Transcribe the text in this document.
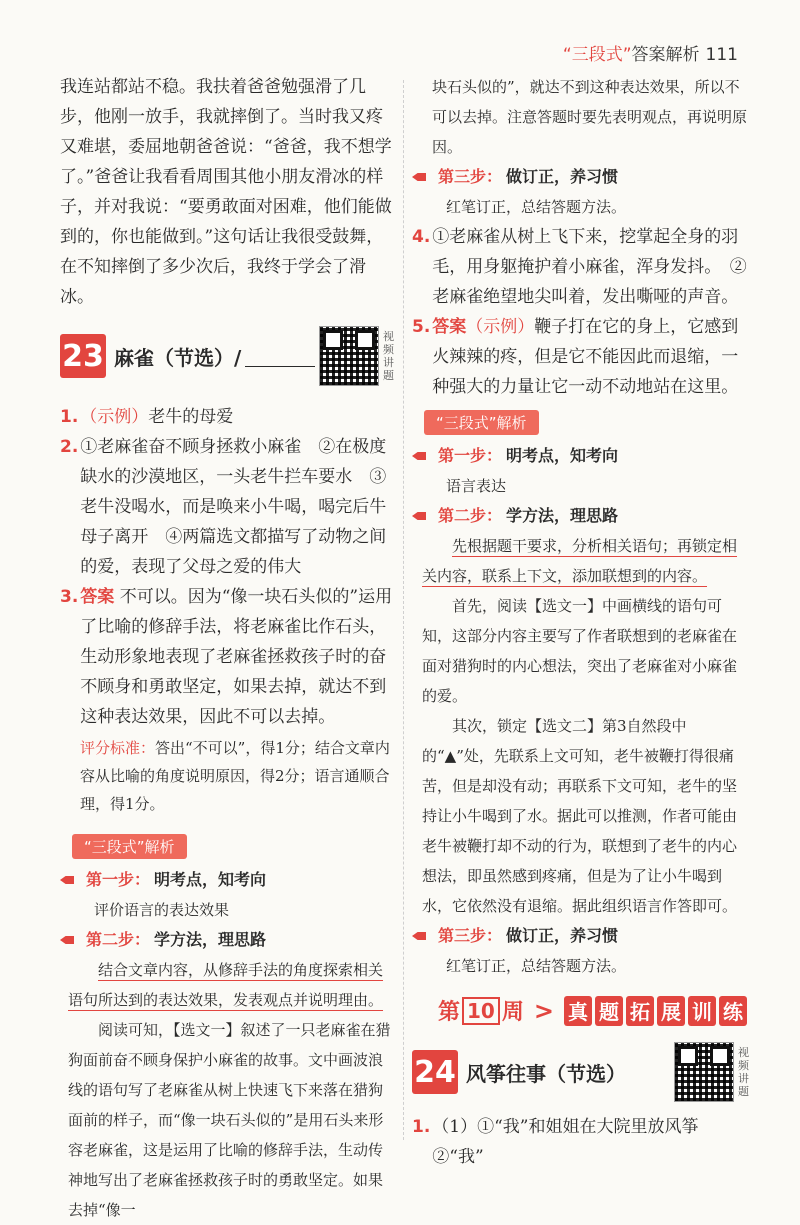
“三段式”答案解析 111

我连站都站不稳。我扶着爸爸勉强滑了几步，他刚一放手，我就摔倒了。当时我又疼又难堪，委屈地朝爸爸说：“爸爸，我不想学了。”爸爸让我看看周围其他小朋友滑冰的样子，并对我说：“要勇敢面对困难，他们能做到的，你也能做到。”这句话让我很受鼓舞，在不知摔倒了多少次后，我终于学会了滑冰。

23 麻雀（节选）/
视频讲题
1. （示例）老牛的母爱
2. ①老麻雀奋不顾身拯救小麻雀　②在极度缺水的沙漠地区，一头老牛拦车要水　③老牛没喝水，而是唤来小牛喝，喝完后牛母子离开　④两篇选文都描写了动物之间的爱，表现了父母之爱的伟大
3. 答案 不可以。因为“像一块石头似的”运用了比喻的修辞手法，将老麻雀比作石头，生动形象地表现了老麻雀拯救孩子时的奋不顾身和勇敢坚定，如果去掉，就达不到这种表达效果，因此不可以去掉。
评分标准：答出“不可以”，得1分；结合文章内容从比喻的角度说明原因，得2分；语言通顺合理，得1分。
“三段式”解析
第一步： 明考点，知考向

评价语言的表达效果

第二步： 学方法，理思路

结合文章内容，从修辞手法的角度探索相关语句所达到的表达效果，发表观点并说明理由。

阅读可知，【选文一】叙述了一只老麻雀在猎狗面前奋不顾身保护小麻雀的故事。文中画波浪线的语句写了老麻雀从树上快速飞下来落在猎狗面前的样子，而“像一块石头似的”是用石头来形容老麻雀，这是运用了比喻的修辞手法，生动传神地写出了老麻雀拯救孩子时的勇敢坚定。如果去掉“像一

块石头似的”，就达不到这种表达效果，所以不可以去掉。注意答题时要先表明观点，再说明原因。

第三步： 做订正，养习惯

红笔订正，总结答题方法。

4. ①老麻雀从树上飞下来，挖掌起全身的羽毛，用身躯掩护着小麻雀，浑身发抖。　②老麻雀绝望地尖叫着，发出嘶哑的声音。
5. 答案（示例）鞭子打在它的身上，它感到火辣辣的疼，但是它不能因此而退缩，一种强大的力量让它一动不动地站在这里。
“三段式”解析
第一步： 明考点，知考向

语言表达

第二步： 学方法，理思路

先根据题干要求，分析相关语句；再锁定相关内容，联系上下文，添加联想到的内容。

首先，阅读【选文一】中画横线的语句可知，这部分内容主要写了作者联想到的老麻雀在面对猎狗时的内心想法，突出了老麻雀对小麻雀的爱。

其次，锁定【选文二】第3自然段中的“▲”处，先联系上文可知，老牛被鞭打得很痛苦，但是却没有动；再联系下文可知，老牛的坚持让小牛喝到了水。据此可以推测，作者可能由老牛被鞭打却不动的行为，联想到了老牛的内心想法，即虽然感到疼痛，但是为了让小牛喝到水，它依然没有退缩。据此组织语言作答即可。

第三步： 做订正，养习惯

红笔订正，总结答题方法。

第 10 周 > 真 题 拓 展 训 练
24 风筝往事（节选）
视频讲题
1. （1）①“我”和姐姐在大院里放风筝　②“我”
